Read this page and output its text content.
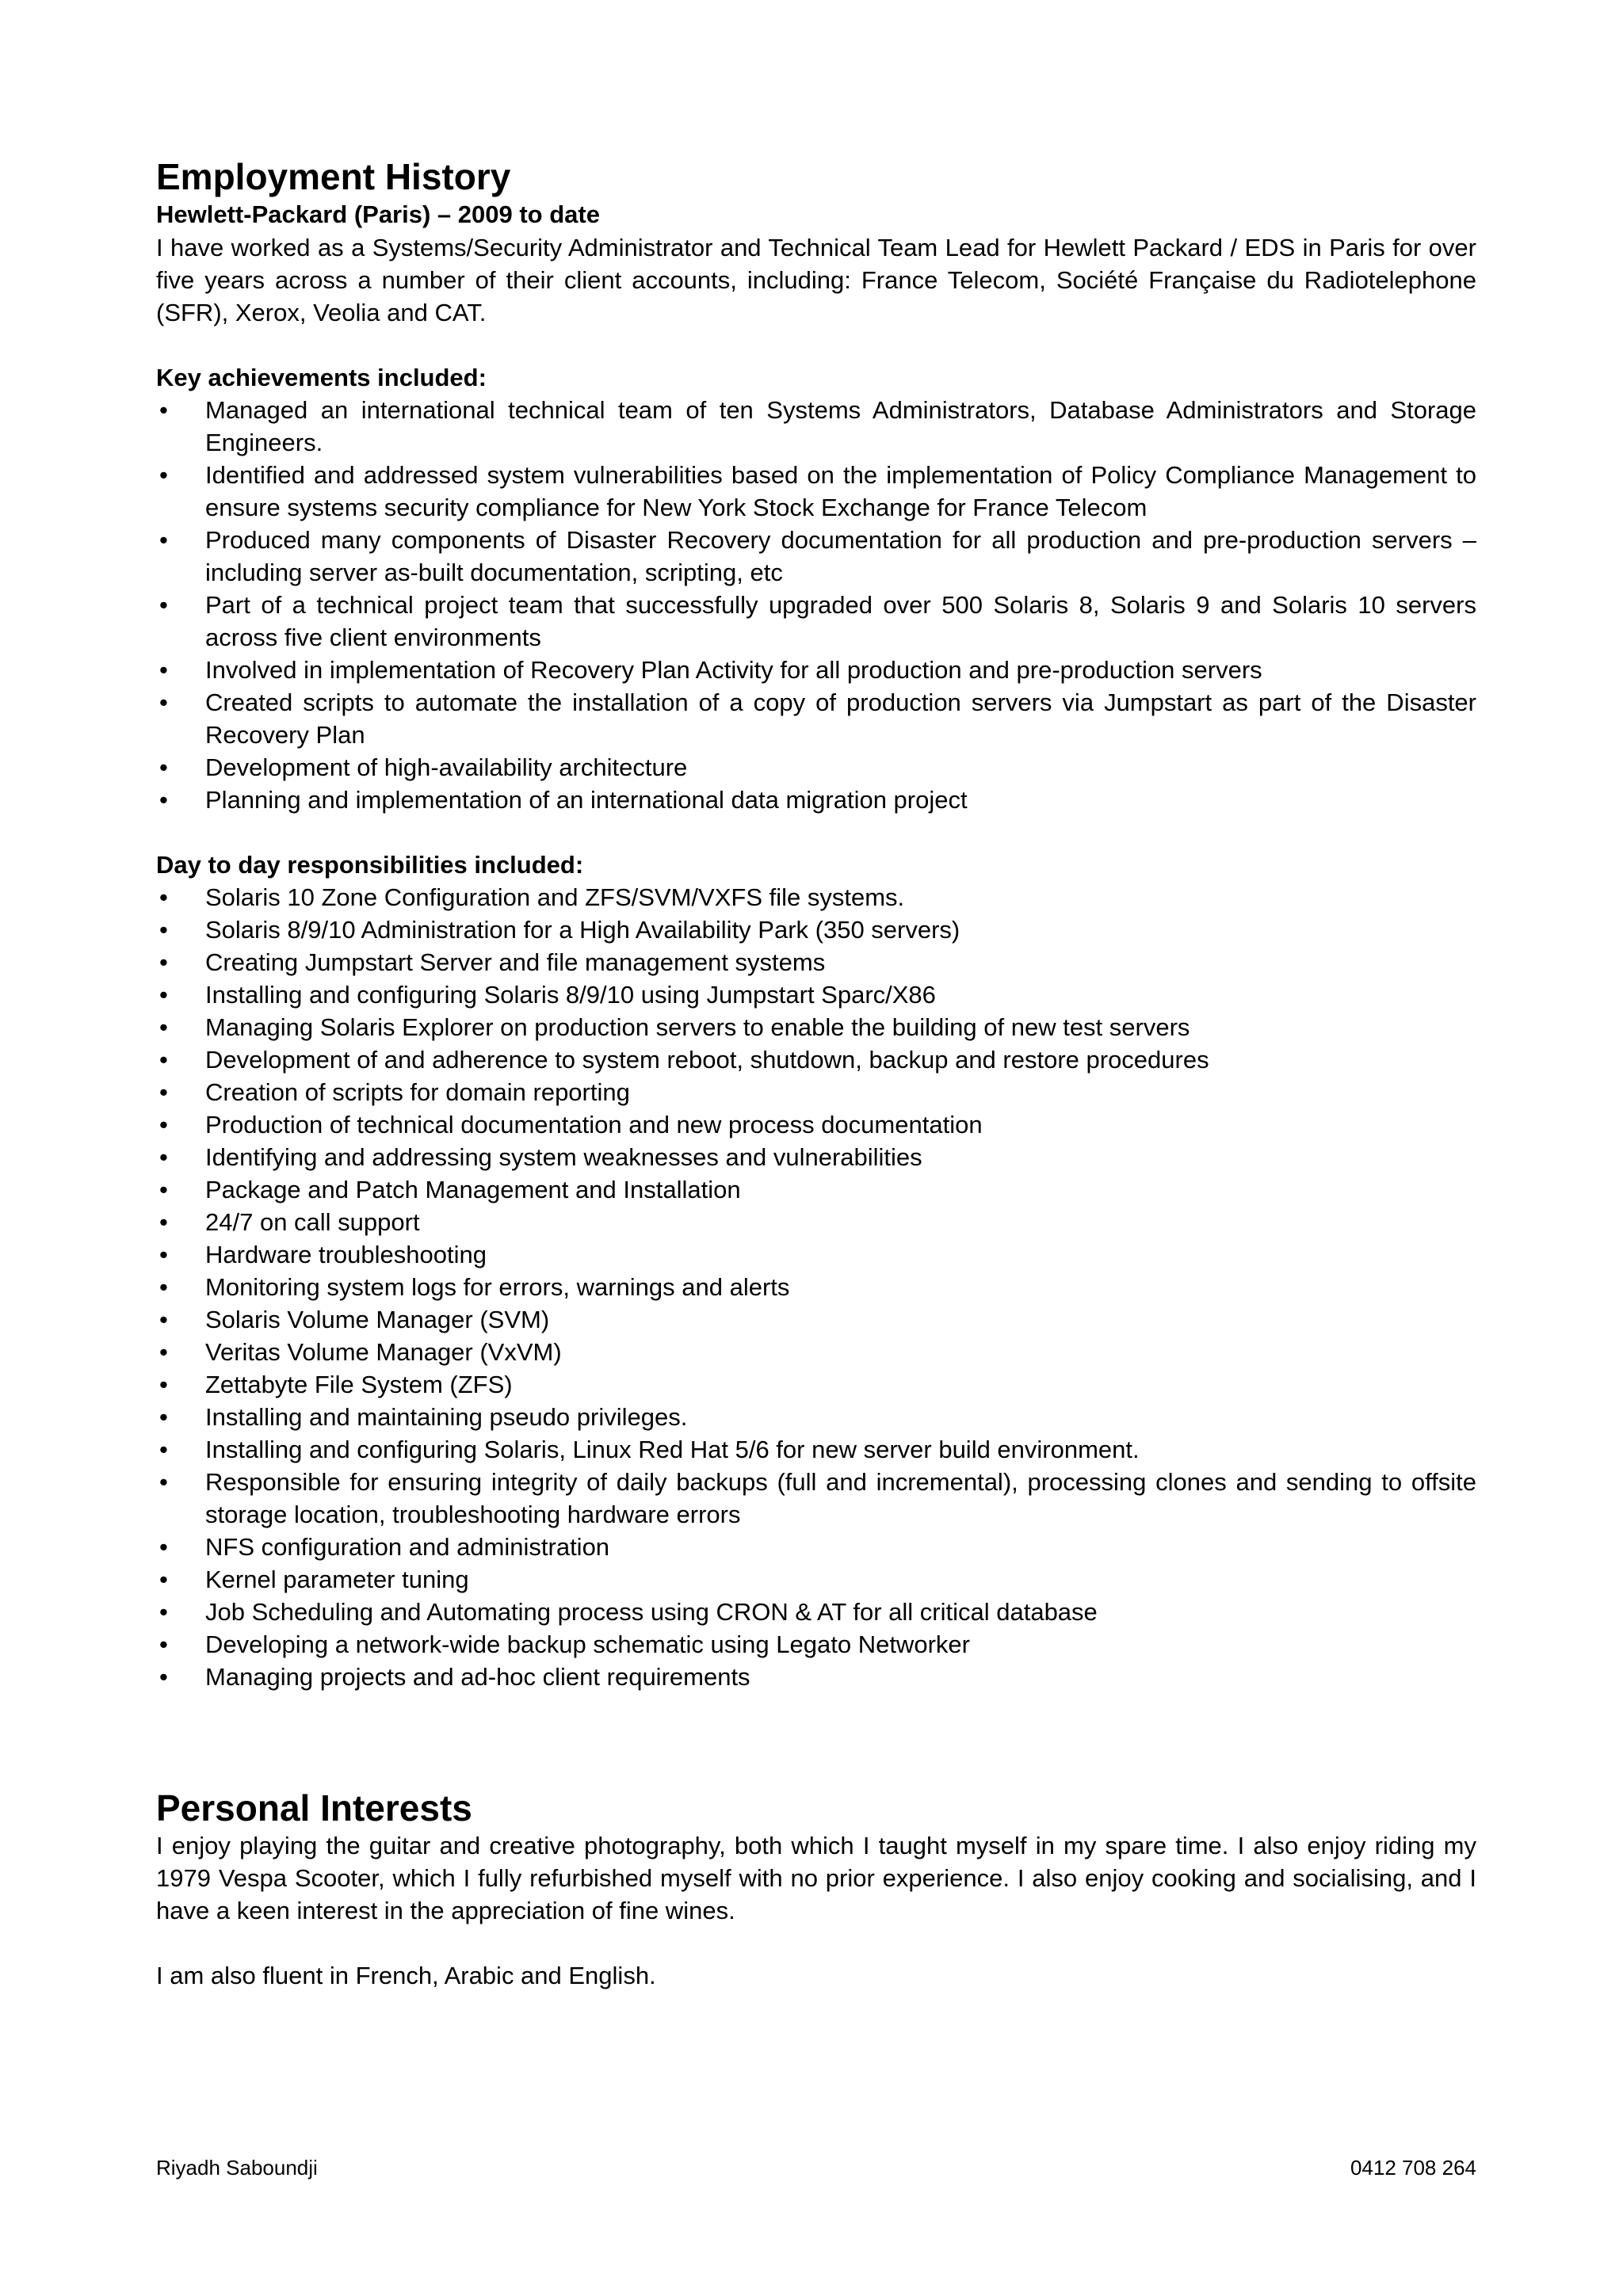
Employment History
Hewlett-Packard (Paris) – 2009 to date

I have worked as a Systems/Security Administrator and Technical Team Lead for Hewlett Packard / EDS in Paris for over five years across a number of their client accounts, including: France Telecom, Société Française du Radiotelephone (SFR), Xerox, Veolia and CAT.

Key achievements included:
•	Managed an international technical team of ten Systems Administrators, Database Administrators and Storage Engineers.
•	Identified and addressed system vulnerabilities based on the implementation of Policy Compliance Management to ensure systems security compliance for New York Stock Exchange for France Telecom
•	Produced many components of Disaster Recovery documentation for all production and pre-production servers – including server as-built documentation, scripting, etc
•	Part of a technical project team that successfully upgraded over 500 Solaris 8, Solaris 9 and Solaris 10 servers across five client environments
•	Involved in implementation of Recovery Plan Activity for all production and pre-production servers
•	Created scripts to automate the installation of a copy of production servers via Jumpstart as part of the Disaster Recovery Plan
•	Development of high-availability architecture
•	Planning and implementation of an international data migration project
Day to day responsibilities included:
•	Solaris 10 Zone Configuration and ZFS/SVM/VXFS file systems.
•	Solaris 8/9/10 Administration for a High Availability Park (350 servers)
•	Creating Jumpstart Server and file management systems
•	Installing and configuring Solaris 8/9/10 using Jumpstart Sparc/X86
•	Managing Solaris Explorer on production servers to enable the building of new test servers
•	Development of and adherence to system reboot, shutdown, backup and restore procedures
•	Creation of scripts for domain reporting
•	Production of technical documentation and new process documentation
•	Identifying and addressing system weaknesses and vulnerabilities
•	Package and Patch Management and Installation
•	24/7 on call support
•	Hardware troubleshooting
•	Monitoring system logs for errors, warnings and alerts
•	Solaris Volume Manager (SVM)
•	Veritas Volume Manager (VxVM)
•	Zettabyte File System (ZFS)
•	Installing and maintaining pseudo privileges.
•	Installing and configuring Solaris, Linux Red Hat 5/6 for new server build environment.
•	Responsible for ensuring integrity of daily backups (full and incremental), processing clones and sending to offsite storage location, troubleshooting hardware errors
•	NFS configuration and administration
•	Kernel parameter tuning
•	Job Scheduling and Automating process using CRON & AT for all critical database
•	Developing a network-wide backup schematic using Legato Networker
•	Managing projects and ad-hoc client requirements
Personal Interests

I enjoy playing the guitar and creative photography, both which I taught myself in my spare time. I also enjoy riding my 1979 Vespa Scooter, which I fully refurbished myself with no prior experience. I also enjoy cooking and socialising, and I have a keen interest in the appreciation of fine wines.

I am also fluent in French, Arabic and English.

Riyadh Saboundji	0412 708 264
